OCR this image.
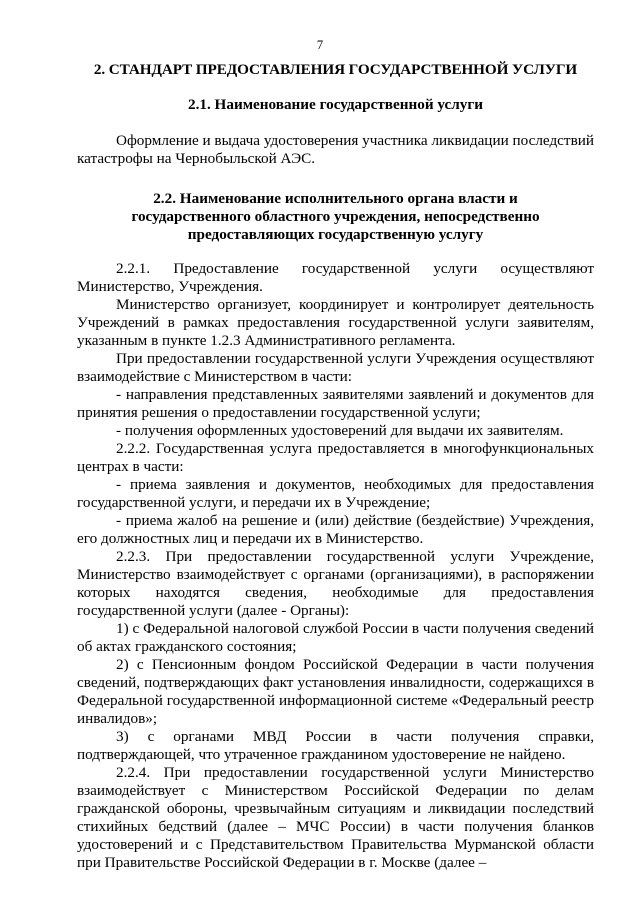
7
2. СТАНДАРТ ПРЕДОСТАВЛЕНИЯ ГОСУДАРСТВЕННОЙ УСЛУГИ
2.1. Наименование государственной услуги

Оформление и выдача удостоверения участника ликвидации последствий катастрофы на Чернобыльской АЭС.

2.2. Наименование исполнительного органа власти и
государственного областного учреждения, непосредственно
предоставляющих государственную услугу

2.2.1. Предоставление государственной услуги осуществляют Министерство, Учреждения.

Министерство организует, координирует и контролирует деятельность Учреждений в рамках предоставления государственной услуги заявителям, указанным в пункте 1.2.3 Административного регламента.

При предоставлении государственной услуги Учреждения осуществляют взаимодействие с Министерством в части:

- направления представленных заявителями заявлений и документов для принятия решения о предоставлении государственной услуги;

- получения оформленных удостоверений для выдачи их заявителям.

2.2.2. Государственная услуга предоставляется в многофункциональных центрах в части:

- приема заявления и документов, необходимых для предоставления государственной услуги, и передачи их в Учреждение;

- приема жалоб на решение и (или) действие (бездействие) Учреждения, его должностных лиц и передачи их в Министерство.

2.2.3. При предоставлении государственной услуги Учреждение, Министерство взаимодействует с органами (организациями), в распоряжении которых находятся сведения, необходимые для предоставления государственной услуги (далее - Органы):

1) с Федеральной налоговой службой России в части получения сведений об актах гражданского состояния;

2) с Пенсионным фондом Российской Федерации в части получения сведений, подтверждающих факт установления инвалидности, содержащихся в Федеральной государственной информационной системе «Федеральный реестр инвалидов»;

3) с органами МВД России в части получения справки, подтверждающей, что утраченное гражданином удостоверение не найдено.

2.2.4. При предоставлении государственной услуги Министерство взаимодействует с Министерством Российской Федерации по делам гражданской обороны, чрезвычайным ситуациям и ликвидации последствий стихийных бедствий (далее – МЧС России) в части получения бланков удостоверений и с Представительством Правительства Мурманской области при Правительстве Российской Федерации в г. Москве (далее –
